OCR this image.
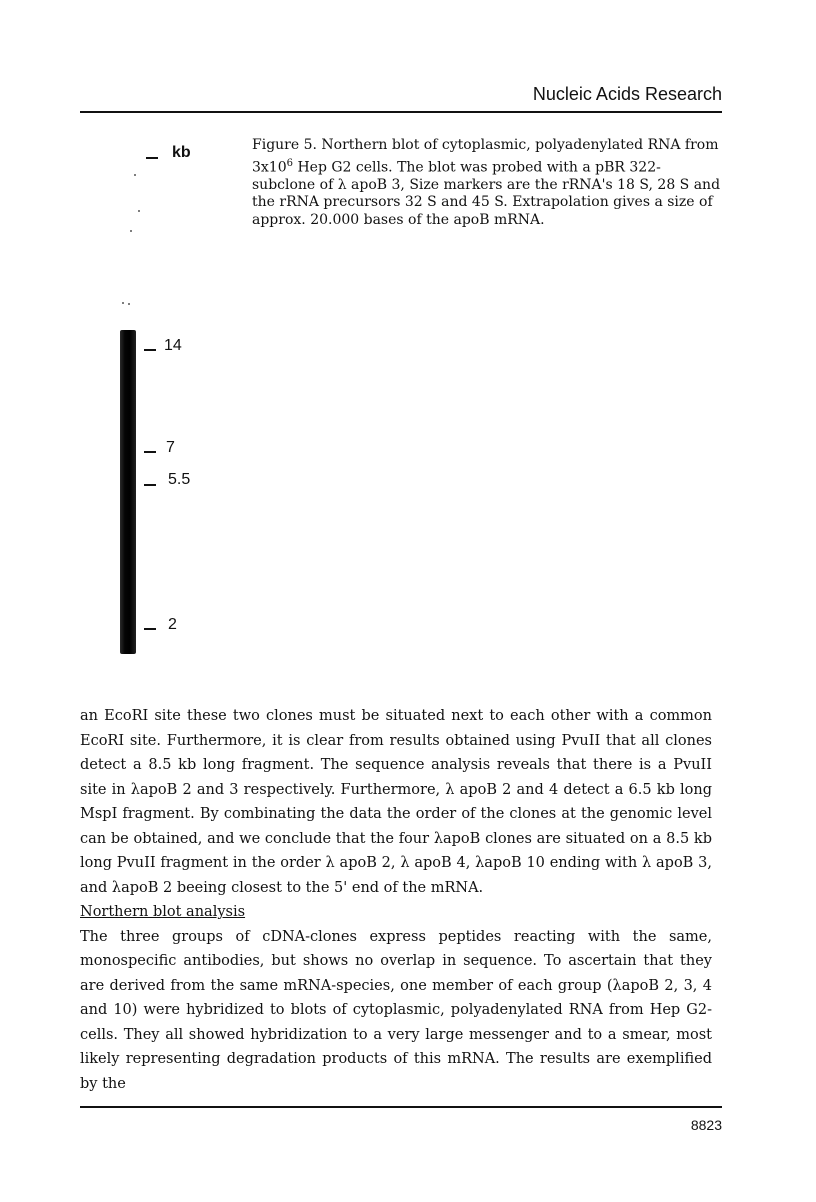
Nucleic Acids Research
Figure 5. Northern blot of cytoplasmic, polyadenylated RNA from $3x10^6$ Hep G2 cells. The blot was probed with a pBR 322-subclone of λ apoB 3, Size markers are the rRNA's 18 S, 28 S and the rRNA precursors 32 S and 45 S. Extrapolation gives a size of approx. 20.000 bases of the apoB mRNA.
kb
14
7
5.5
2

an EcoRI site these two clones must be situated next to each other with a common EcoRI site. Furthermore, it is clear from results obtained using PvuII that all clones detect a 8.5 kb long fragment. The sequence analysis reveals that there is a PvuII site in λapoB 2 and 3 respectively. Furthermore, λ apoB 2 and 4 detect a 6.5 kb long MspI fragment. By combinating the data the order of the clones at the genomic level can be obtained, and we conclude that the four λapoB clones are situated on a 8.5 kb long PvuII fragment in the order λ apoB 2, λ apoB 4, λapoB 10 ending with λ apoB 3, and λapoB 2 beeing closest to the 5' end of the mRNA.

Northern blot analysis

The three groups of cDNA-clones express peptides reacting with the same, monospecific antibodies, but shows no overlap in sequence. To ascertain that they are derived from the same mRNA-species, one member of each group (λapoB 2, 3, 4 and 10) were hybridized to blots of cytoplasmic, polyadenylated RNA from Hep G2-cells. They all showed hybridization to a very large messenger and to a smear, most likely representing degradation products of this mRNA. The results are exemplified by the

8823
